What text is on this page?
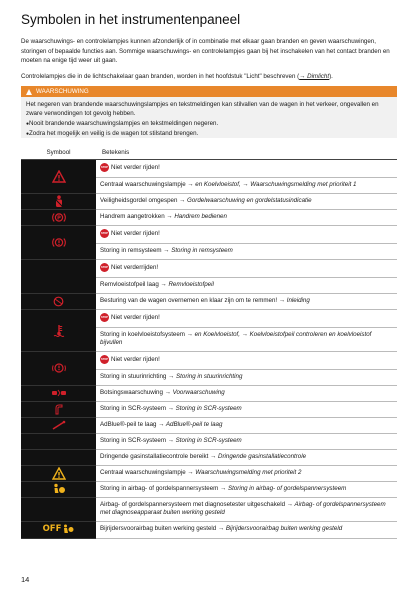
Symbolen in het instrumentenpaneel

De waarschuwings- en controlelampjes kunnen afzonderlijk of in combinatie met elkaar gaan branden en geven waarschuwingen, storingen of bepaalde functies aan. Sommige waarschuwings- en controlelampjes gaan bij het inschakelen van het contact branden en moeten na enige tijd weer uit gaan.

Controlelampjes die in de lichtschakelaar gaan branden, worden in het hoofdstuk "Licht" beschreven (→ Dimlicht).

WAARSCHUWING
Het negeren van brandende waarschuwingslampjes en tekstmeldingen kan stilvallen van de wagen in het verkeer, ongevallen en zware verwondingen tot gevolg hebben.
● Nooit brandende waarschuwingslampjes en tekstmeldingen negeren.
● Zodra het mogelijk en veilig is de wagen tot stilstand brengen.
Symbool	Betekenis
	STOP Niet verder rijden!
	Centraal waarschuwingslampje → en Koelvloeistof, → Waarschuwingsmelding met prioriteit 1
	Veiligheidsgordel omgespen → Gordelwaarschuwing en gordelstatusindicatie

P	Handrem aangetrokken → Handrem bedienen
	STOP Niet verder rijden!
	Storing in remsysteem → Storing in remsysteem
	STOP Niet verderrijden!
	Remvloeistofpeil laag → Remvloeistofpeil
	Besturing van de wagen overnemen en klaar zijn om te remmen! → Inleiding
	STOP Niet verder rijden!
	Storing in koelvloeistofsysteem → en Koelvloeistof, → Koelvloeistofpeil controleren en koelvloeistof bijvullen
	STOP Niet verder rijden!
	Storing in stuurinrichting → Storing in stuurinrichting
	Botsingswaarschuwing → Voorwaarschuwing
	Storing in SCR-systeem → Storing in SCR-systeem
	AdBlue®-peil te laag → AdBlue®-peil te laag
	Storing in SCR-systeem → Storing in SCR-systeem
	Dringende gasinstallatiecontrole bereikt → Dringende gasinstallatiecontrole
	Centraal waarschuwingslampje → Waarschuwingsmelding met prioriteit 2
	Storing in airbag- of gordelspannersysteem → Storing in airbag- of gordelspannersysteem
	Airbag- of gordelspannersysteem met diagnosetester uitgeschakeld → Airbag- of gordelspannersysteem met diagnoseapparaat buiten werking gesteld

OFF	Bijrijdersvoorairbag buiten werking gesteld → Bijrijdersvoorairbag buiten werking gesteld
14
